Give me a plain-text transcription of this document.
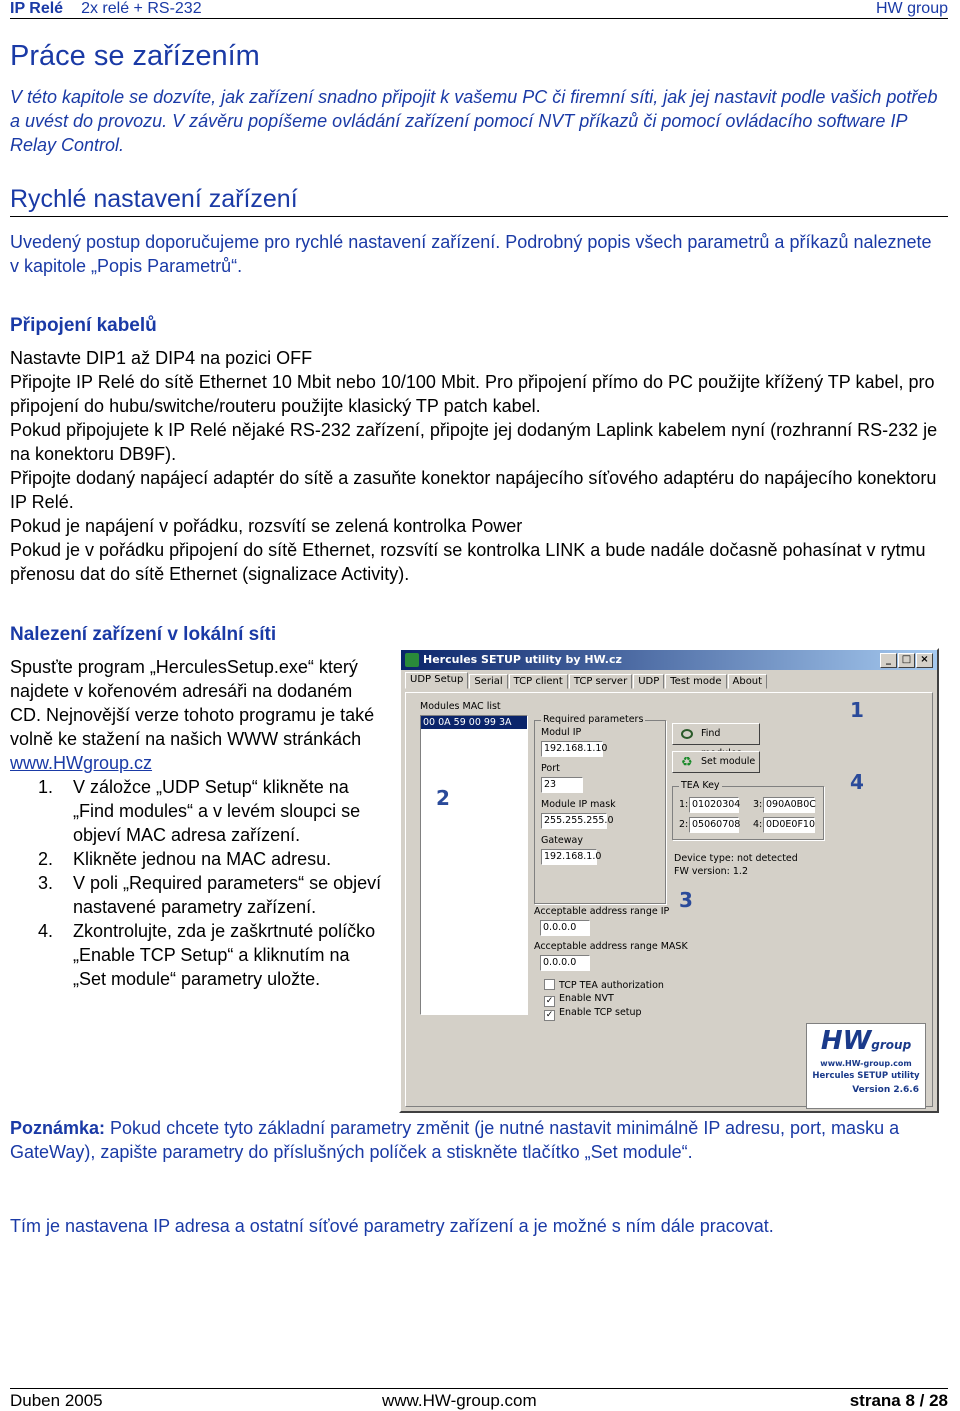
IP Relé 2x relé + RS-232	HW group
Práce se zařízením

V této kapitole se dozvíte, jak zařízení snadno připojit k vašemu PC či firemní síti, jak jej nastavit podle vašich potřeb a uvést do provozu. V závěru popíšeme ovládání zařízení pomocí NVT příkazů či pomocí ovládacího software IP Relay Control.

Rychlé nastavení zařízení

Uvedený postup doporučujeme pro rychlé nastavení zařízení. Podrobný popis všech parametrů a příkazů naleznete v kapitole „Popis Parametrů“.

Připojení kabelů
Nastavte DIP1 až DIP4 na pozici OFF
Připojte IP Relé do sítě Ethernet 10 Mbit nebo 10/100 Mbit. Pro připojení přímo do PC použijte křížený TP kabel, pro připojení do hubu/switche/routeru použijte klasický TP patch kabel.
Pokud připojujete k IP Relé nějaké RS-232 zařízení, připojte jej dodaným Laplink kabelem nyní (rozhranní RS-232 je na konektoru DB9F).
Připojte dodaný napájecí adaptér do sítě a zasuňte konektor napájecího síťového adaptéru do napájecího konektoru IP Relé.
Pokud je napájení v pořádku, rozsvítí se zelená kontrolka Power
Pokud je v pořádku připojení do sítě Ethernet, rozsvítí se kontrolka LINK a bude nadále dočasně pohasínat v rytmu přenosu dat do sítě Ethernet (signalizace Activity).
Nalezení zařízení v lokální síti
Spusťte program „HerculesSetup.exe“ který najdete v kořenovém adresáři na dodaném CD. Nejnovější verze tohoto programu je také volně ke stažení na našich WWW stránkách
www.HWgroup.cz
1. V záložce „UDP Setup“ klikněte na „Find modules“ a v levém sloupci se objeví MAC adresa zařízení.
2. Klikněte jednou na MAC adresu.
3. V poli „Required parameters“ se objeví nastavené parametry zařízení.
4. Zkontrolujte, zda je zaškrtnuté políčko „Enable TCP Setup“ a kliknutím na „Set module“ parametry uložte.
Hercules SETUP utility by HW.cz	_	□ ×
UDP Setup Serial TCP client TCP server UDP Test mode About
Modules MAC list
00 0A 59 00 99 3A	Required parameters
Modul IP
192.168.1.10
Port
23
Module IP mask
255.255.255.0
Gateway
192.168.1.0
Acceptable address range IP
0.0.0.0
Acceptable address range MASK
0.0.0.0
TCP TEA authorization
✓ Enable NVT
✓ Enable TCP setup
Find
♻ Set module
TEA Key
1: 01020304 3: 090A0B0C
2: 05060708 4: 0D0E0F10
Device type: not detected
FW version: 1.2
HWgroup
www.HW-group.com
Hercules SETUP utility
Version 2.6.6
1
2
3
4
Poznámka: Pokud chcete tyto základní parametry změnit (je nutné nastavit minimálně IP adresu, port, masku a GateWay), zapište parametry do příslušných políček a stiskněte tlačítko „Set module“.

Tím je nastavena IP adresa a ostatní síťové parametry zařízení a je možné s ním dále pracovat.

Duben 2005	www.HW-group.com	strana 8 / 28
